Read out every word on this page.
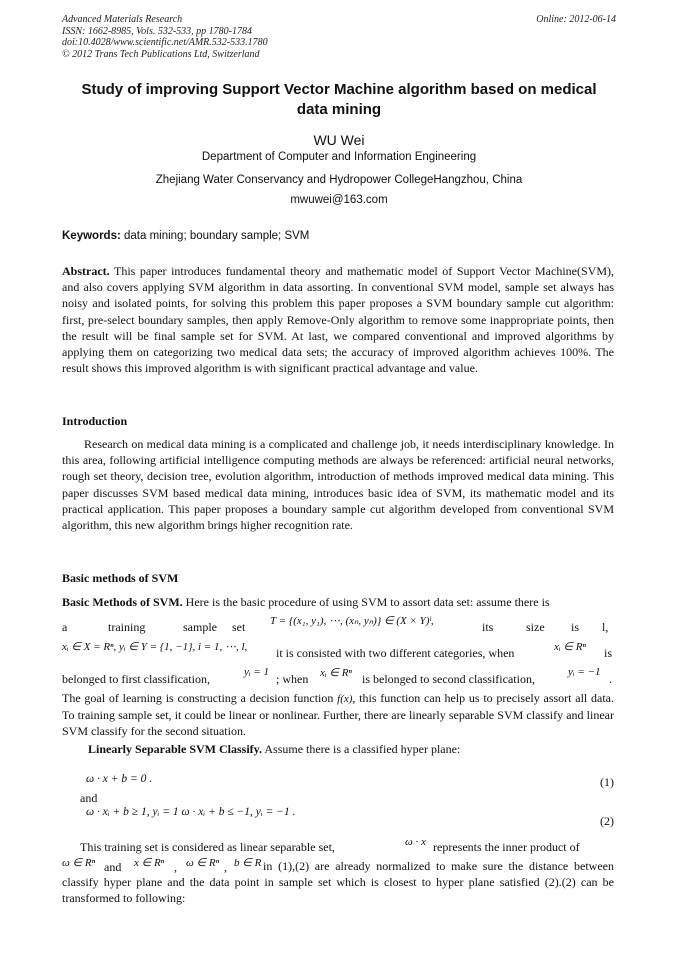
Advanced Materials Research
ISSN: 1662-8985, Vols. 532-533, pp 1780-1784
doi:10.4028/www.scientific.net/AMR.532-533.1780
© 2012 Trans Tech Publications Ltd, Switzerland
Online: 2012-06-14
Study of improving Support Vector Machine algorithm based on medical
data mining
WU Wei
Department of Computer and Information Engineering
Zhejiang Water Conservancy and Hydropower CollegeHangzhou, China
mwuwei@163.com
Keywords: data mining; boundary sample; SVM
Abstract. This paper introduces fundamental theory and mathematic model of Support Vector Machine(SVM), and also covers applying SVM algorithm in data assorting. In conventional SVM model, sample set always has noisy and isolated points, for solving this problem this paper proposes a SVM boundary sample cut algorithm: first, pre-select boundary samples, then apply Remove-Only algorithm to remove some inappropriate points, then the result will be final sample set for SVM. At last, we compared conventional and improved algorithms by applying them on categorizing two medical data sets; the accuracy of improved algorithm achieves 100%. The result shows this improved algorithm is with significant practical advantage and value.
Introduction
Research on medical data mining is a complicated and challenge job, it needs interdisciplinary knowledge. In this area, following artificial intelligence computing methods are always be referenced: artificial neural networks, rough set theory, decision tree, evolution algorithm, introduction of methods improved medical data mining. This paper discusses SVM based medical data mining, introduces basic idea of SVM, its mathematic model and its practical application. This paper proposes a boundary sample cut algorithm developed from conventional SVM algorithm, this new algorithm brings higher recognition rate.
Basic methods of SVM
Basic Methods of SVM. Here is the basic procedure of using SVM to assort data set: assume there is
a	training	sample set T = {(x₁, y₁), ⋯, (xₙ, yₙ)} ∈ (X × Y)ˡ,	its	size is l,
xᵢ ∈ X = Rⁿ, yᵢ ∈ Y = {1, −1}, i = 1, ⋯, l, it is consisted with two different categories, when	xᵢ ∈ Rⁿ is
belonged to first classification,	yᵢ = 1 ; when xᵢ ∈ Rⁿ is belonged to second classification,	yᵢ = −1 .
The goal of learning is constructing a decision function f(x), this function can help us to precisely assort all data. To training sample set, it could be linear or nonlinear. Further, there are linearly separable SVM classify and linear SVM classify for the second situation.
Linearly Separable SVM Classify. Assume there is a classified hyper plane:
ω · x + b = 0 .	(1)
and
ω · xᵢ + b ≥ 1, yᵢ = 1 ω · xᵢ + b ≤ −1, yᵢ = −1 .
(2)
This training set is considered as linear separable set,	ω · x represents the inner product of
ω ∈ Rⁿ and x ∈ Rⁿ , ω ∈ Rⁿ , b ∈ R in (1),(2) are already normalized to make sure the distance between classify hyper plane and the data point in sample set which is closest to hyper plane satisfied (2).(2) can be transformed to following:
